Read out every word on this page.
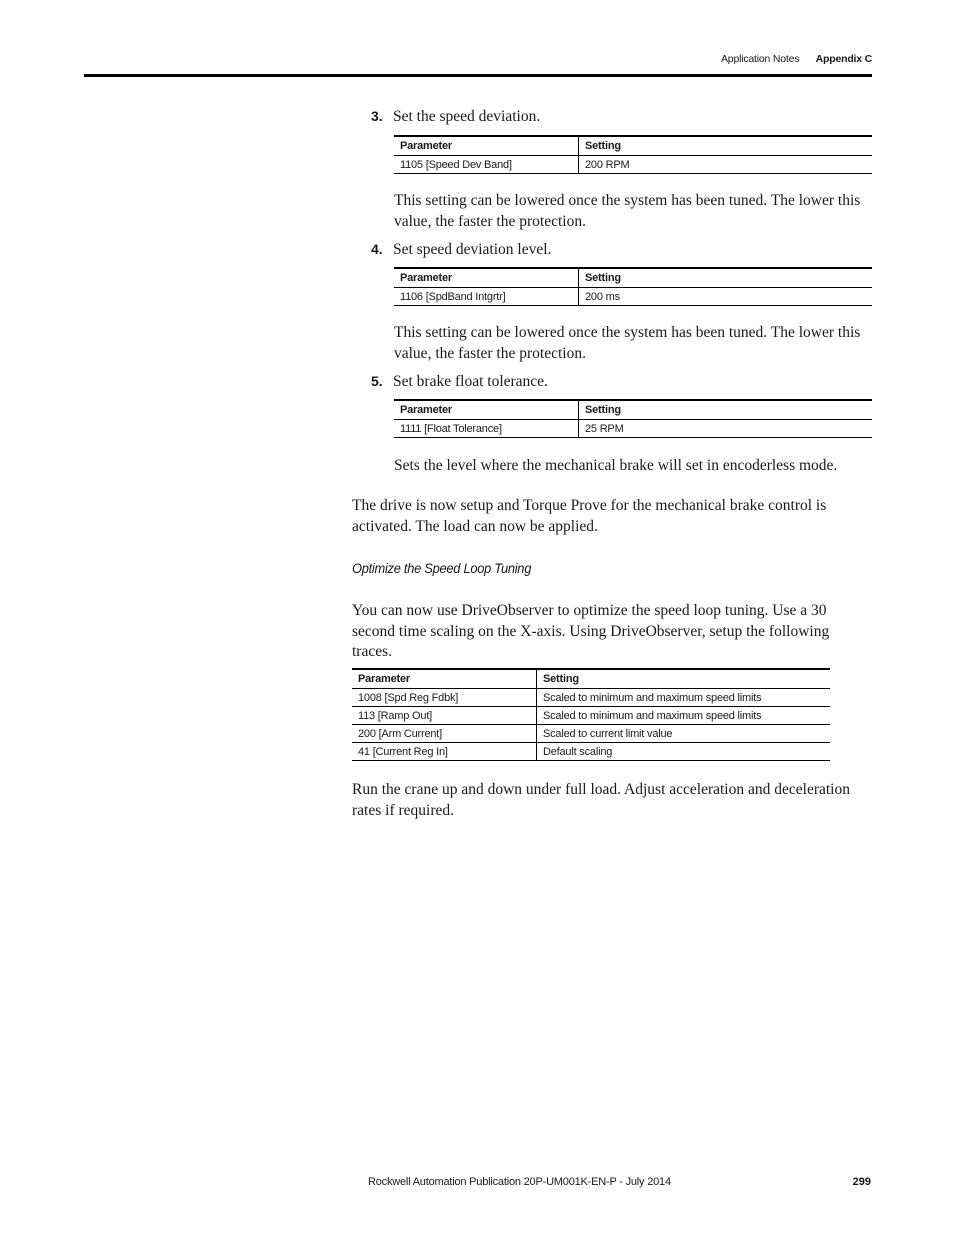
Application Notes Appendix C
3. Set the speed deviation.
Parameter	Setting
1105 [Speed Dev Band]	200 RPM
This setting can be lowered once the system has been tuned. The lower this value, the faster the protection.
4. Set speed deviation level.
Parameter	Setting
1106 [SpdBand Intgrtr]	200 ms
This setting can be lowered once the system has been tuned. The lower this value, the faster the protection.
5. Set brake float tolerance.
Parameter	Setting
1111 [Float Tolerance]	25 RPM
Sets the level where the mechanical brake will set in encoderless mode.
The drive is now setup and Torque Prove for the mechanical brake control is activated. The load can now be applied.
Optimize the Speed Loop Tuning
You can now use DriveObserver to optimize the speed loop tuning. Use a 30 second time scaling on the X-axis. Using DriveObserver, setup the following traces.
Parameter	Setting
1008 [Spd Reg Fdbk]	Scaled to minimum and maximum speed limits
113 [Ramp Out]	Scaled to minimum and maximum speed limits
200 [Arm Current]	Scaled to current limit value
41 [Current Reg In]	Default scaling
Run the crane up and down under full load. Adjust acceleration and deceleration rates if required.
Rockwell Automation Publication 20P-UM001K-EN-P - July 2014	299
